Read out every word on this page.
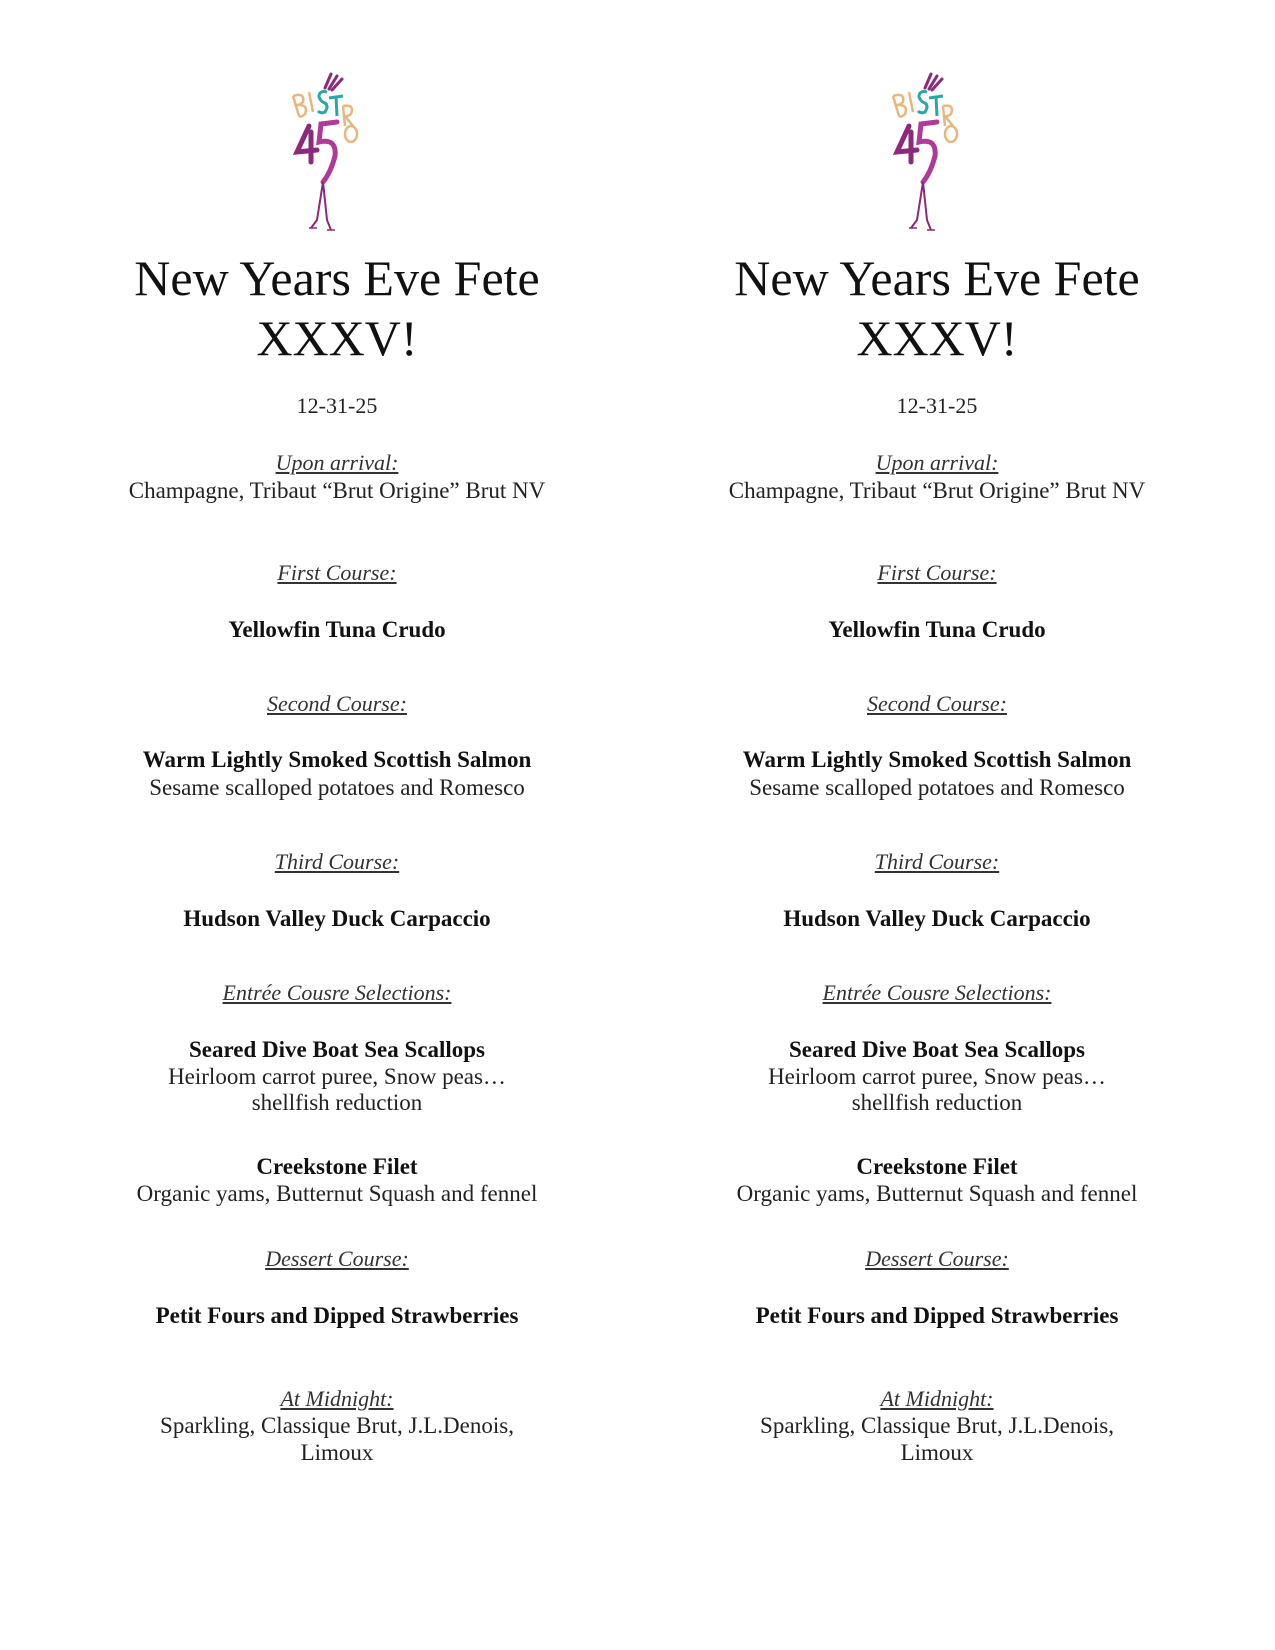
New Years Eve Fete
XXXV!
12-31-25
Upon arrival:
Champagne, Tribaut “Brut Origine” Brut NV
First Course:
Yellowfin Tuna Crudo
Second Course:
Warm Lightly Smoked Scottish Salmon
Sesame scalloped potatoes and Romesco
Third Course:
Hudson Valley Duck Carpaccio
Entrée Cousre Selections:
Seared Dive Boat Sea Scallops
Heirloom carrot puree, Snow peas…
shellfish reduction
Creekstone Filet
Organic yams, Butternut Squash and fennel
Dessert Course:
Petit Fours and Dipped Strawberries
At Midnight:
Sparkling, Classique Brut, J.L.Denois,
Limoux
New Years Eve Fete
XXXV!
12-31-25
Upon arrival:
Champagne, Tribaut “Brut Origine” Brut NV
First Course:
Yellowfin Tuna Crudo
Second Course:
Warm Lightly Smoked Scottish Salmon
Sesame scalloped potatoes and Romesco
Third Course:
Hudson Valley Duck Carpaccio
Entrée Cousre Selections:
Seared Dive Boat Sea Scallops
Heirloom carrot puree, Snow peas…
shellfish reduction
Creekstone Filet
Organic yams, Butternut Squash and fennel
Dessert Course:
Petit Fours and Dipped Strawberries
At Midnight:
Sparkling, Classique Brut, J.L.Denois,
Limoux
